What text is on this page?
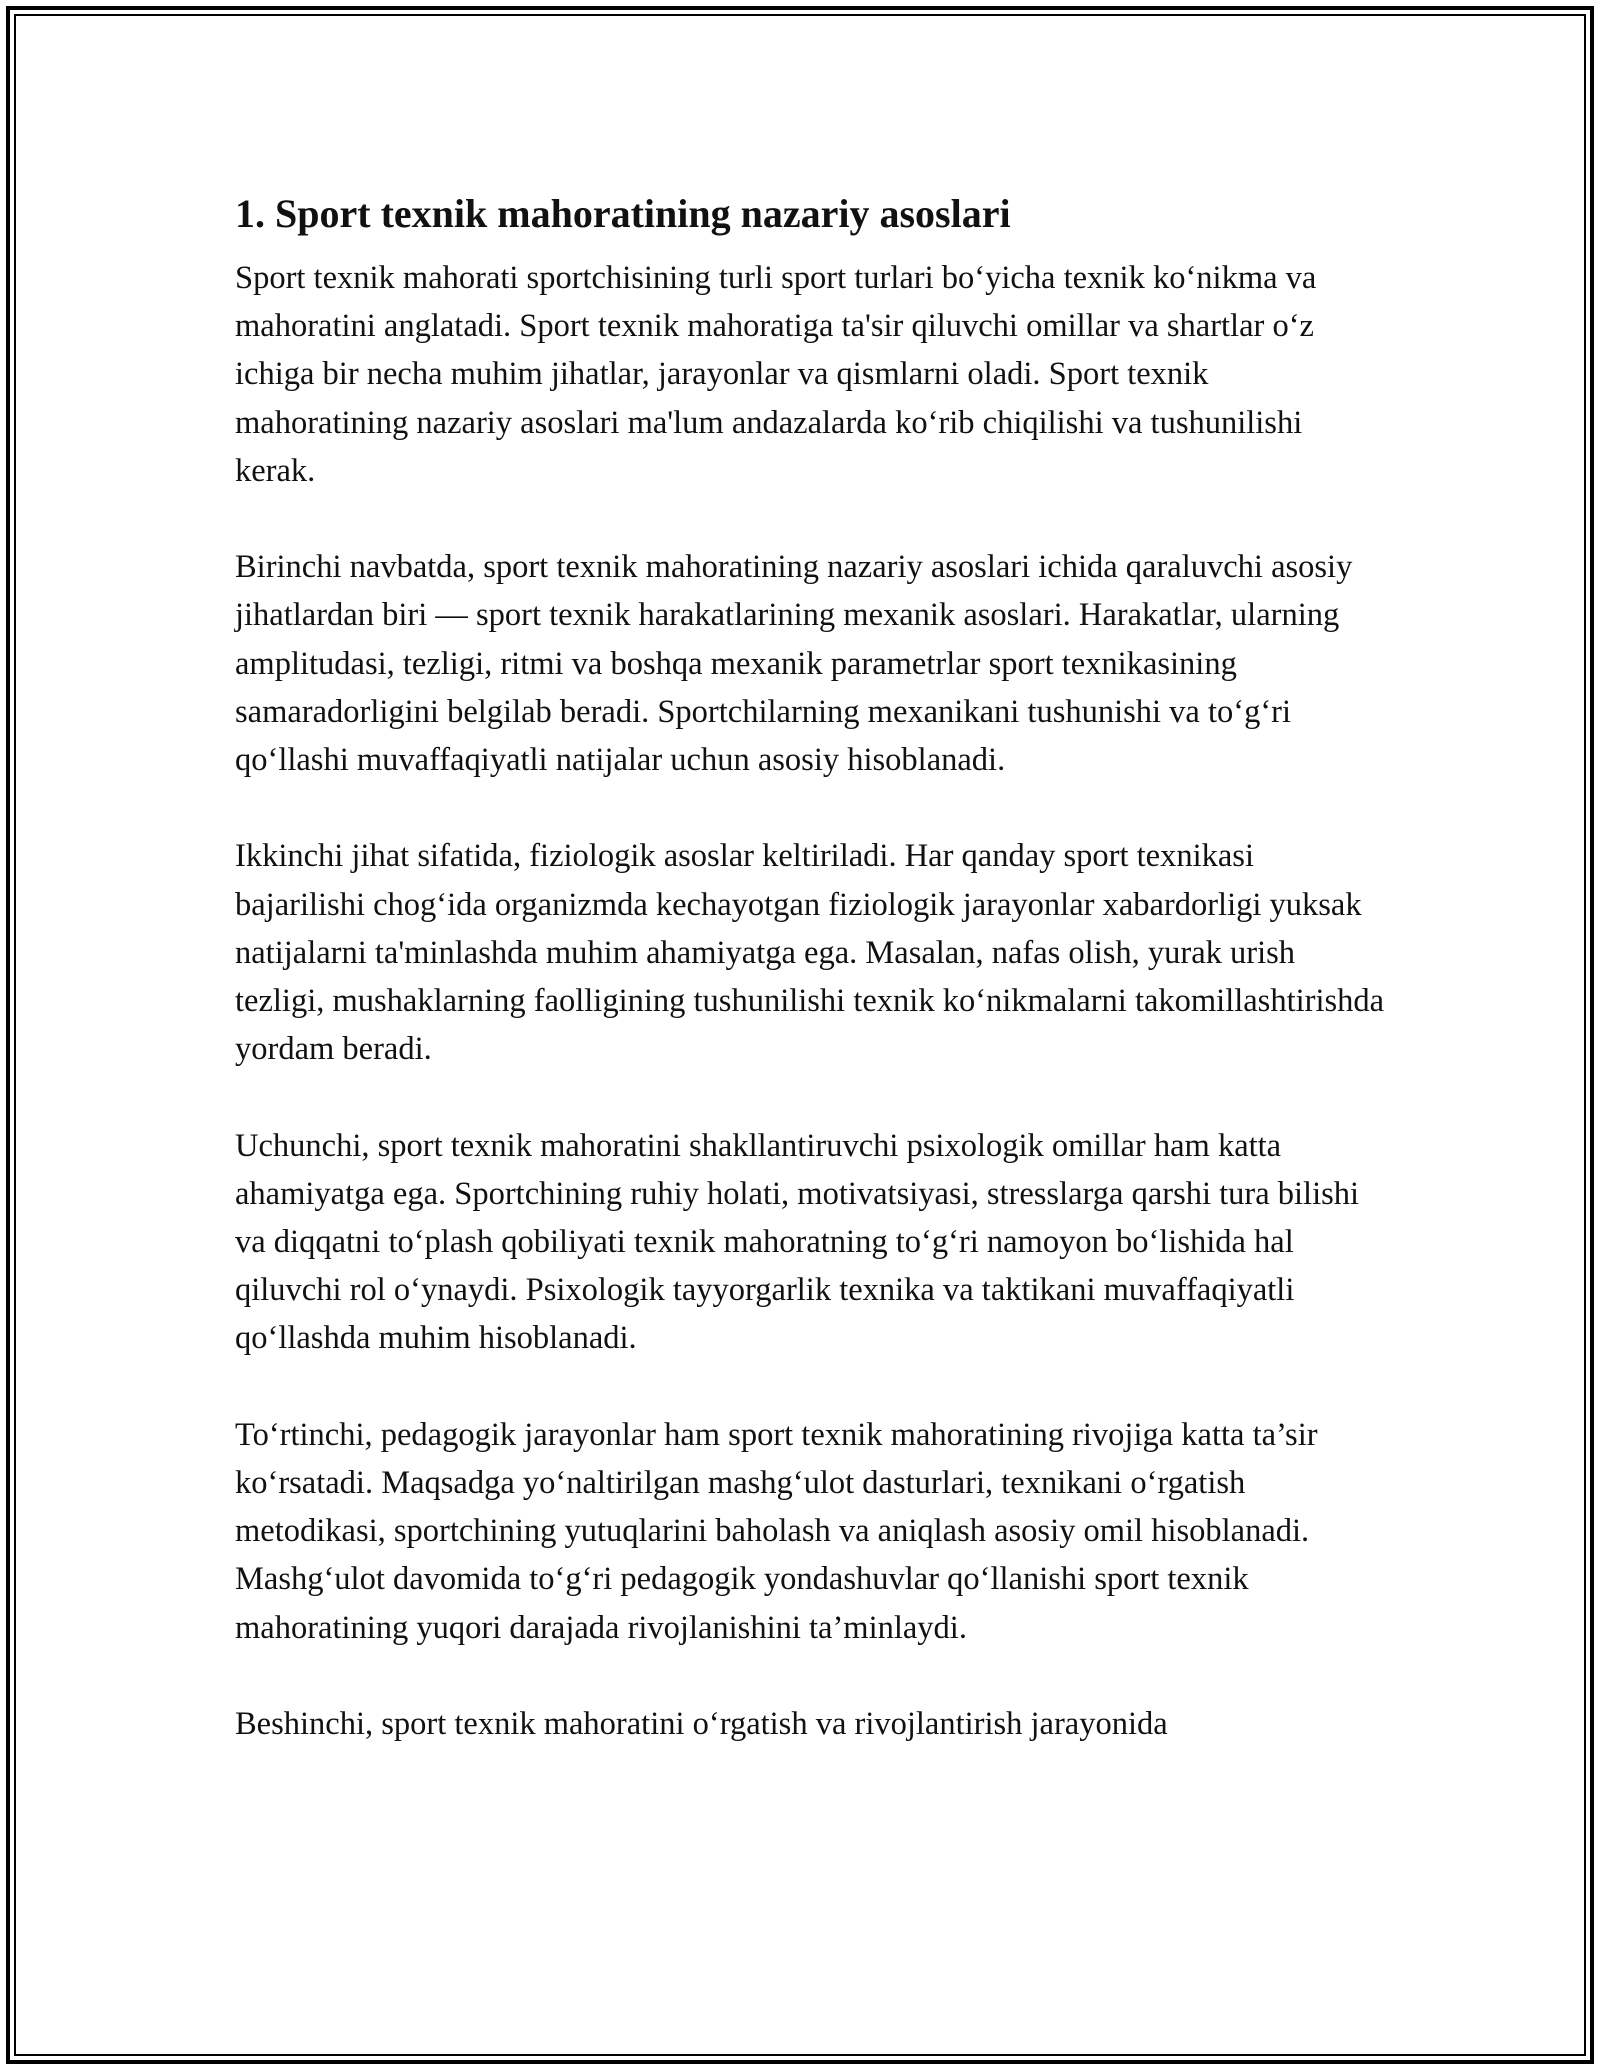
1. Sport texnik mahoratining nazariy asoslari

Sport texnik mahorati sportchisining turli sport turlari bo‘yicha texnik ko‘nikma va mahoratini anglatadi. Sport texnik mahoratiga ta'sir qiluvchi omillar va shartlar o‘z ichiga bir necha muhim jihatlar, jarayonlar va qismlarni oladi. Sport texnik mahoratining nazariy asoslari ma'lum andazalarda ko‘rib chiqilishi va tushunilishi kerak.

Birinchi navbatda, sport texnik mahoratining nazariy asoslari ichida qaraluvchi asosiy jihatlardan biri — sport texnik harakatlarining mexanik asoslari. Harakatlar, ularning amplitudasi, tezligi, ritmi va boshqa mexanik parametrlar sport texnikasining samaradorligini belgilab beradi. Sportchilarning mexanikani tushunishi va to‘g‘ri qo‘llashi muvaffaqiyatli natijalar uchun asosiy hisoblanadi.

Ikkinchi jihat sifatida, fiziologik asoslar keltiriladi. Har qanday sport texnikasi bajarilishi chog‘ida organizmda kechayotgan fiziologik jarayonlar xabardorligi yuksak natijalarni ta'minlashda muhim ahamiyatga ega. Masalan, nafas olish, yurak urish tezligi, mushaklarning faolligining tushunilishi texnik ko‘nikmalarni takomillashtirishda yordam beradi.

Uchunchi, sport texnik mahoratini shakllantiruvchi psixologik omillar ham katta ahamiyatga ega. Sportchining ruhiy holati, motivatsiyasi, stresslarga qarshi tura bilishi va diqqatni to‘plash qobiliyati texnik mahoratning to‘g‘ri namoyon bo‘lishida hal qiluvchi rol o‘ynaydi. Psixologik tayyorgarlik texnika va taktikani muvaffaqiyatli qo‘llashda muhim hisoblanadi.

To‘rtinchi, pedagogik jarayonlar ham sport texnik mahoratining rivojiga katta ta’sir ko‘rsatadi. Maqsadga yo‘naltirilgan mashg‘ulot dasturlari, texnikani o‘rgatish metodikasi, sportchining yutuqlarini baholash va aniqlash asosiy omil hisoblanadi. Mashg‘ulot davomida to‘g‘ri pedagogik yondashuvlar qo‘llanishi sport texnik mahoratining yuqori darajada rivojlanishini ta’minlaydi.

Beshinchi, sport texnik mahoratini o‘rgatish va rivojlantirish jarayonida
